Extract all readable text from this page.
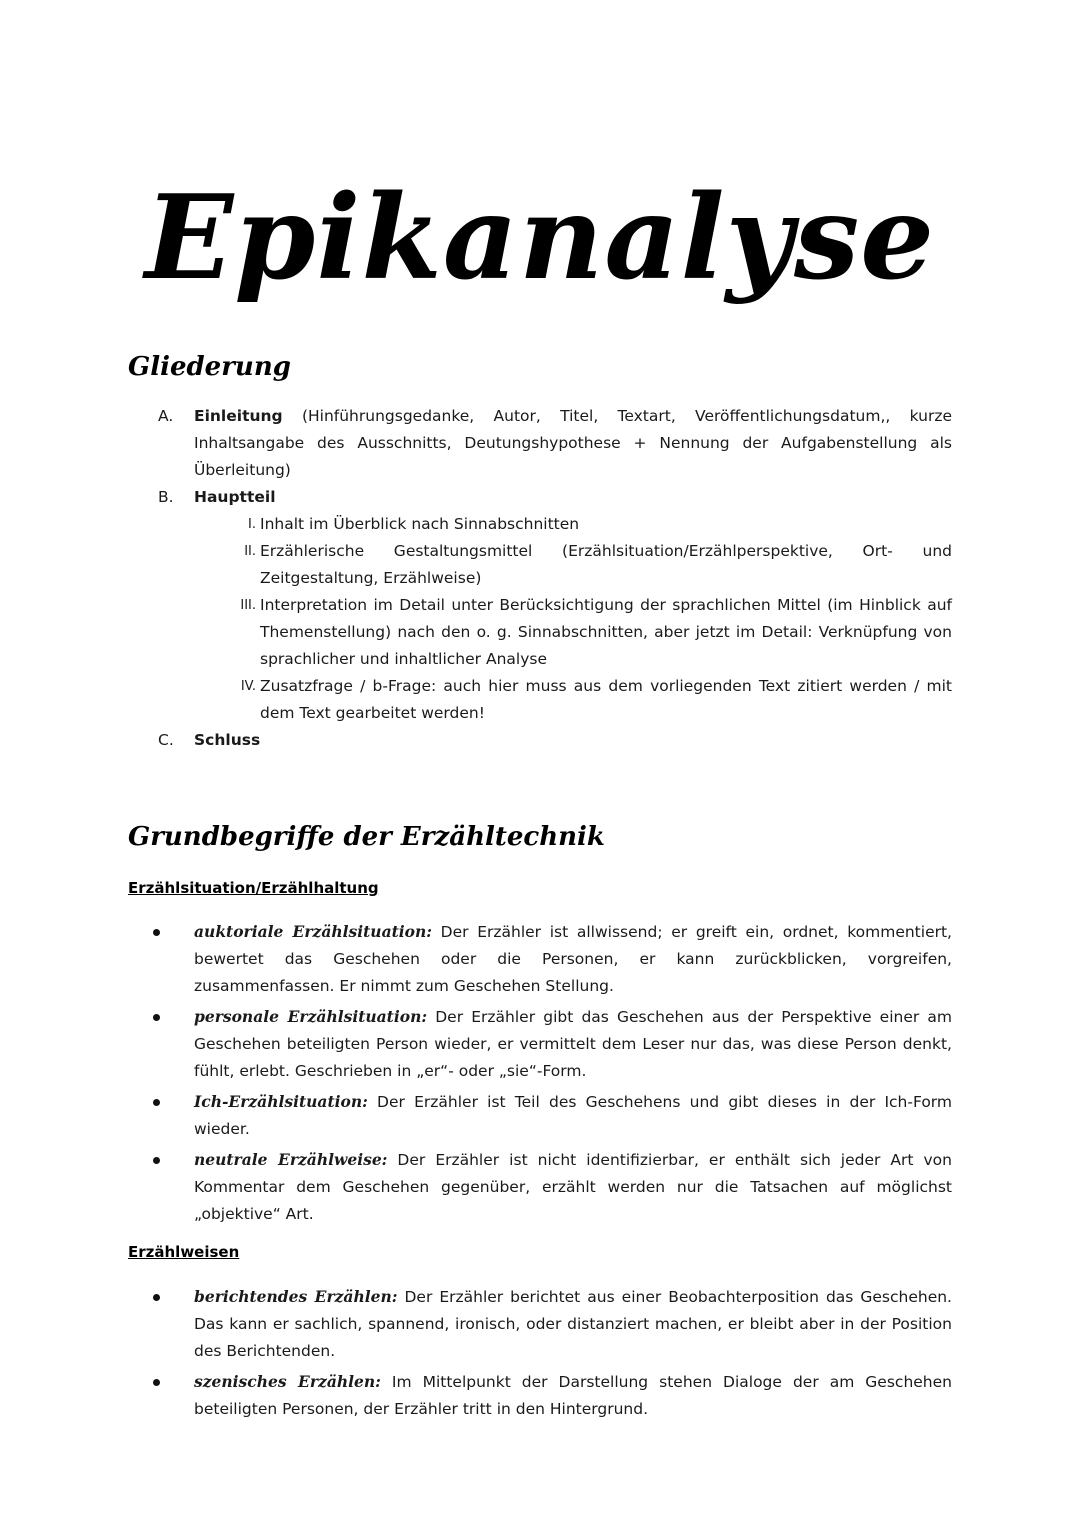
Epikanalyse
Gliederung
A. Einleitung (Hinführungsgedanke, Autor, Titel, Textart, Veröffentlichungsdatum,, kurze Inhaltsangabe des Ausschnitts, Deutungshypothese + Nennung der Aufgabenstellung als Überleitung)
B. Hauptteil
I. Inhalt im Überblick nach Sinnabschnitten
II. Erzählerische Gestaltungsmittel (Erzählsituation/Erzählperspektive, Ort- und Zeitgestaltung, Erzählweise)
III. Interpretation im Detail unter Berücksichtigung der sprachlichen Mittel (im Hinblick auf Themenstellung) nach den o. g. Sinnabschnitten, aber jetzt im Detail: Verknüpfung von sprachlicher und inhaltlicher Analyse
IV. Zusatzfrage / b-Frage: auch hier muss aus dem vorliegenden Text zitiert werden / mit dem Text gearbeitet werden!
C. Schluss
Grundbegriffe der Erzähltechnik
Erzählsituation/Erzählhaltung
auktoriale Erzählsituation: Der Erzähler ist allwissend; er greift ein, ordnet, kommentiert, bewertet das Geschehen oder die Personen, er kann zurückblicken, vorgreifen, zusammenfassen. Er nimmt zum Geschehen Stellung.
personale Erzählsituation: Der Erzähler gibt das Geschehen aus der Perspektive einer am Geschehen beteiligten Person wieder, er vermittelt dem Leser nur das, was diese Person denkt, fühlt, erlebt. Geschrieben in „er“- oder „sie“-Form.
Ich-Erzählsituation: Der Erzähler ist Teil des Geschehens und gibt dieses in der Ich-Form wieder.
neutrale Erzählweise: Der Erzähler ist nicht identifizierbar, er enthält sich jeder Art von Kommentar dem Geschehen gegenüber, erzählt werden nur die Tatsachen auf möglichst „objektive“ Art.
Erzählweisen
berichtendes Erzählen: Der Erzähler berichtet aus einer Beobachterposition das Geschehen. Das kann er sachlich, spannend, ironisch, oder distanziert machen, er bleibt aber in der Position des Berichtenden.
szenisches Erzählen: Im Mittelpunkt der Darstellung stehen Dialoge der am Geschehen beteiligten Personen, der Erzähler tritt in den Hintergrund.
